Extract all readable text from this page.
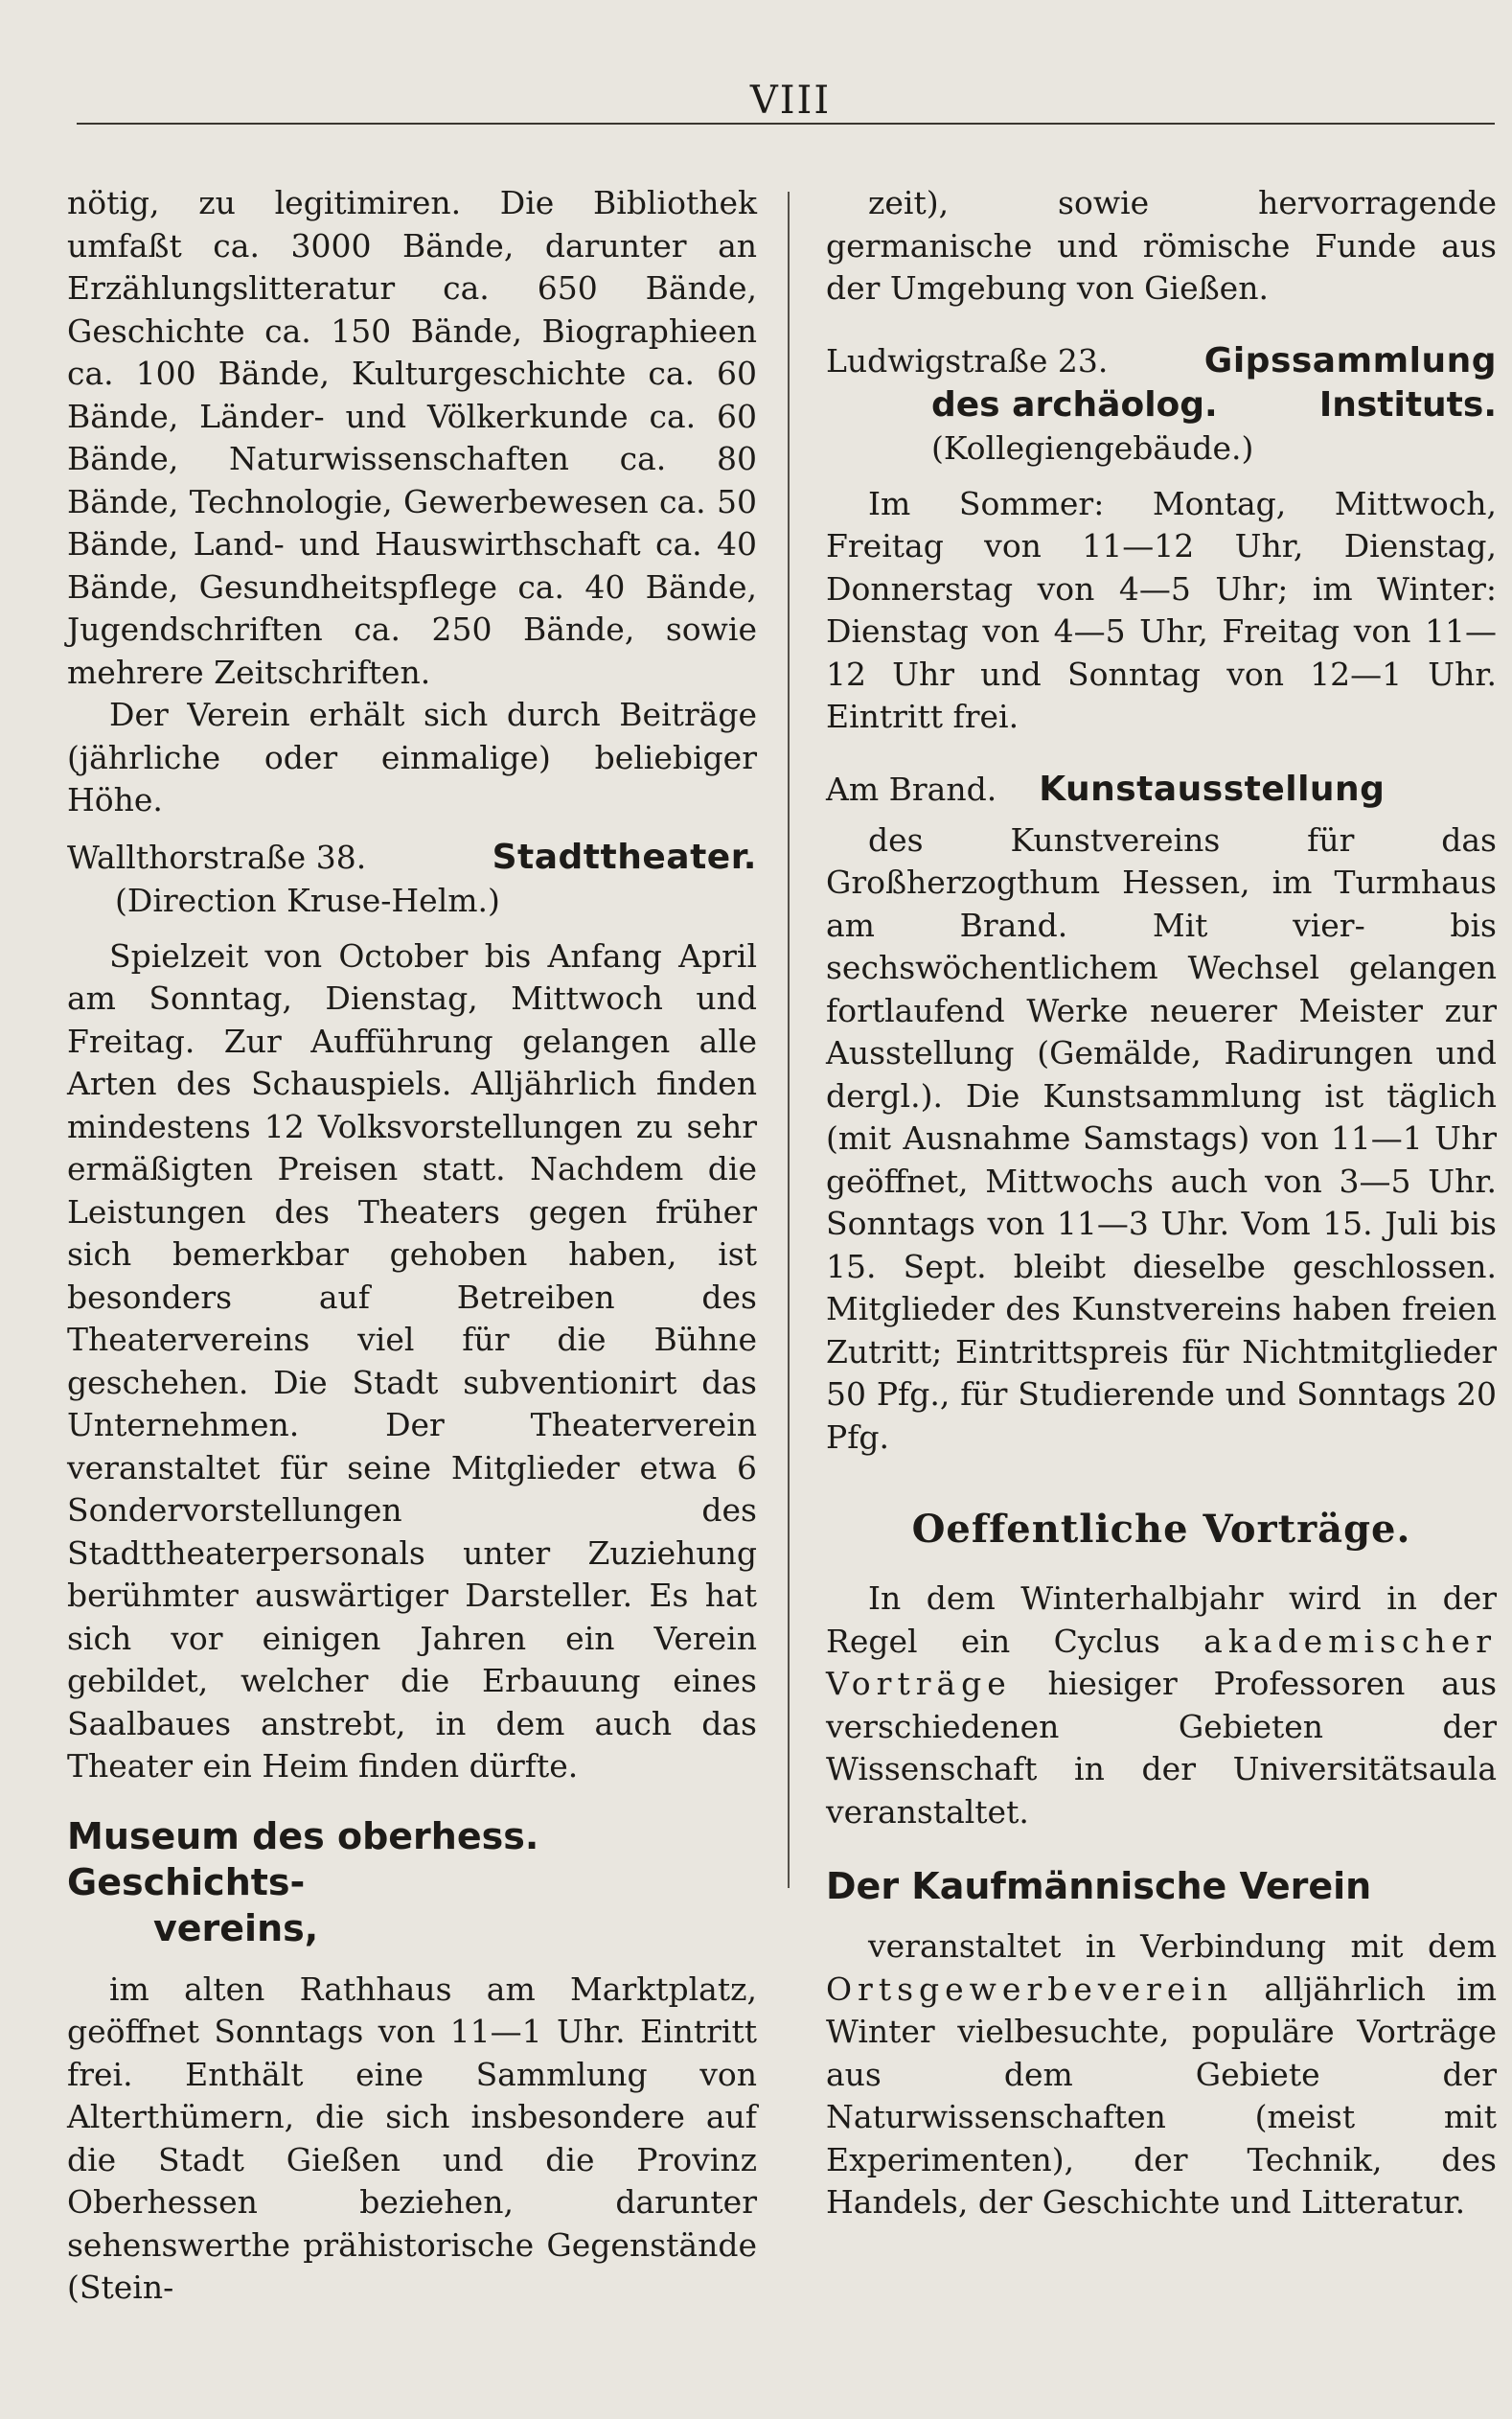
VIII

nötig, zu legitimiren. Die Bibliothek umfaßt ca. 3000 Bände, darunter an Erzählungslitteratur ca. 650 Bände, Geschichte ca. 150 Bände, Biographieen ca. 100 Bände, Kulturgeschichte ca. 60 Bände, Länder- und Völkerkunde ca. 60 Bände, Naturwissenschaften ca. 80 Bände, Technologie, Gewerbewesen ca. 50 Bände, Land- und Hauswirthschaft ca. 40 Bände, Gesundheitspflege ca. 40 Bände, Jugendschriften ca. 250 Bände, sowie mehrere Zeitschriften.

Der Verein erhält sich durch Beiträge (jährliche oder einmalige) beliebiger Höhe.

Wallthorstraße 38.	Stadttheater.
(Direction Kruse-Helm.)

Spielzeit von October bis Anfang April am Sonntag, Dienstag, Mittwoch und Freitag. Zur Aufführung gelangen alle Arten des Schauspiels. Alljährlich finden mindestens 12 Volksvorstellungen zu sehr ermäßigten Preisen statt. Nachdem die Leistungen des Theaters gegen früher sich bemerkbar gehoben haben, ist besonders auf Betreiben des Theatervereins viel für die Bühne geschehen. Die Stadt subventionirt das Unternehmen. Der Theaterverein veranstaltet für seine Mitglieder etwa 6 Sondervorstellungen des Stadttheaterpersonals unter Zuziehung berühmter auswärtiger Darsteller. Es hat sich vor einigen Jahren ein Verein gebildet, welcher die Erbauung eines Saalbaues anstrebt, in dem auch das Theater ein Heim finden dürfte.

Museum des oberhess. Geschichts-
vereins,

im alten Rathhaus am Marktplatz, geöffnet Sonntags von 11—1 Uhr. Eintritt frei. Enthält eine Sammlung von Alterthümern, die sich insbesondere auf die Stadt Gießen und die Provinz Oberhessen beziehen, darunter sehenswerthe prähistorische Gegenstände (Stein-

zeit), sowie hervorragende germanische und römische Funde aus der Umgebung von Gießen.

Ludwigstraße 23.	Gipssammlung
des archäolog.	Instituts.
(Kollegiengebäude.)

Im Sommer: Montag, Mittwoch, Freitag von 11—12 Uhr, Dienstag, Donnerstag von 4—5 Uhr; im Winter: Dienstag von 4—5 Uhr, Freitag von 11—12 Uhr und Sonntag von 12—1 Uhr. Eintritt frei.

Am Brand. Kunstausstellung

des Kunstvereins für das Großherzogthum Hessen, im Turmhaus am Brand. Mit vier- bis sechswöchentlichem Wechsel gelangen fortlaufend Werke neuerer Meister zur Ausstellung (Gemälde, Radirungen und dergl.). Die Kunstsammlung ist täglich (mit Ausnahme Samstags) von 11—1 Uhr geöffnet, Mittwochs auch von 3—5 Uhr. Sonntags von 11—3 Uhr. Vom 15. Juli bis 15. Sept. bleibt dieselbe geschlossen. Mitglieder des Kunstvereins haben freien Zutritt; Eintrittspreis für Nichtmitglieder 50 Pfg., für Studierende und Sonntags 20 Pfg.

Oeffentliche Vorträge.

In dem Winterhalbjahr wird in der Regel ein Cyclus akademischer Vorträge hiesiger Professoren aus verschiedenen Gebieten der Wissenschaft in der Universitätsaula veranstaltet.

Der Kaufmännische Verein

veranstaltet in Verbindung mit dem Ortsgewerbeverein alljährlich im Winter vielbesuchte, populäre Vorträge aus dem Gebiete der Naturwissenschaften (meist mit Experimenten), der Technik, des Handels, der Geschichte und Litteratur.
